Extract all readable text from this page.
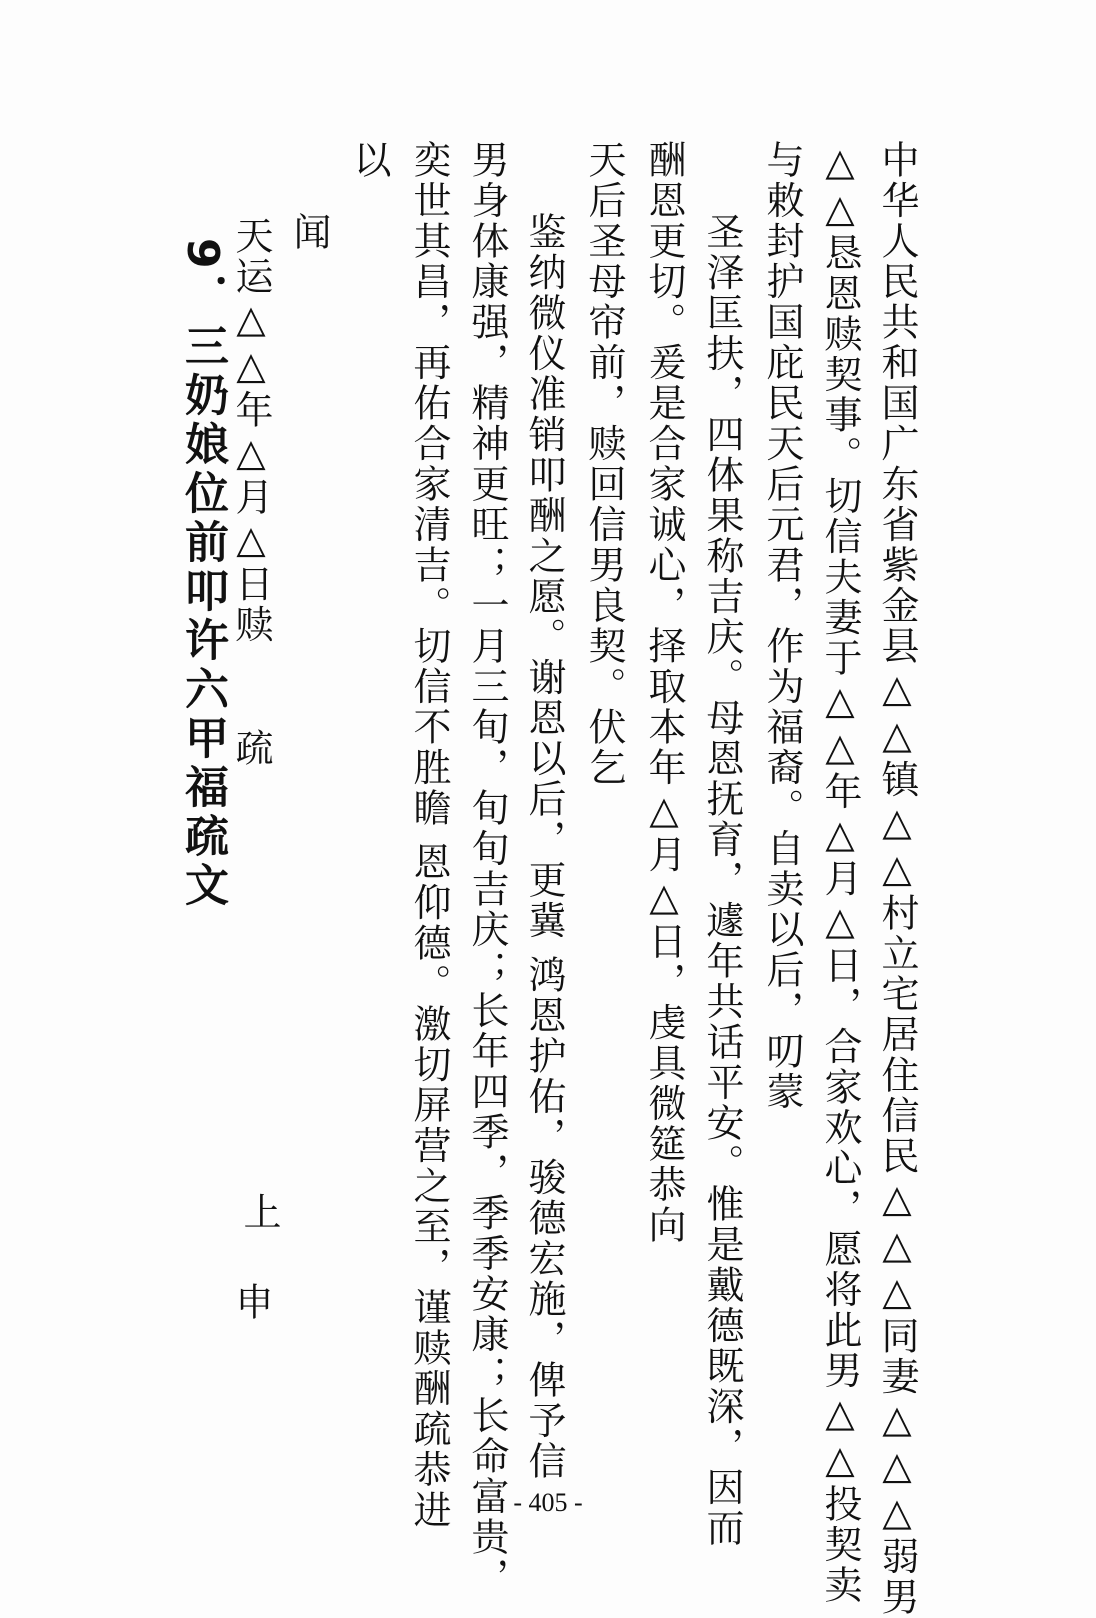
中华人民共和国广东省紫金县△△镇△△村立宅居住信民△△△同妻△△△弱男
△△恳恩赎契事。切信夫妻于△△年△月△日，合家欢心，愿将此男△△投契卖
与敕封护国庇民天后元君，作为福裔。自卖以后，叨蒙
圣泽匡扶，四体果称吉庆。母恩抚育，遽年共话平安。惟是戴德既深，因而
酬恩更切。爰是合家诚心，择取本年△月△日，虔具微筵恭向
天后圣母帘前，赎回信男良契。伏乞
鉴纳微仪准销叩酬之愿。谢恩以后，更冀
鸿恩护佑，骏德宏施，俾予信
男身体康强，精神更旺；一月三旬，旬旬吉庆；长年四季，季季安康；长命富贵，
奕世其昌，再佑合家清吉。切信不胜瞻
恩仰德。激切屏营之至，谨赎酬疏恭进
以
闻
上
天运△△年△月△日赎
疏
申
9．三奶娘位前叩许六甲福疏文
- 405 -
